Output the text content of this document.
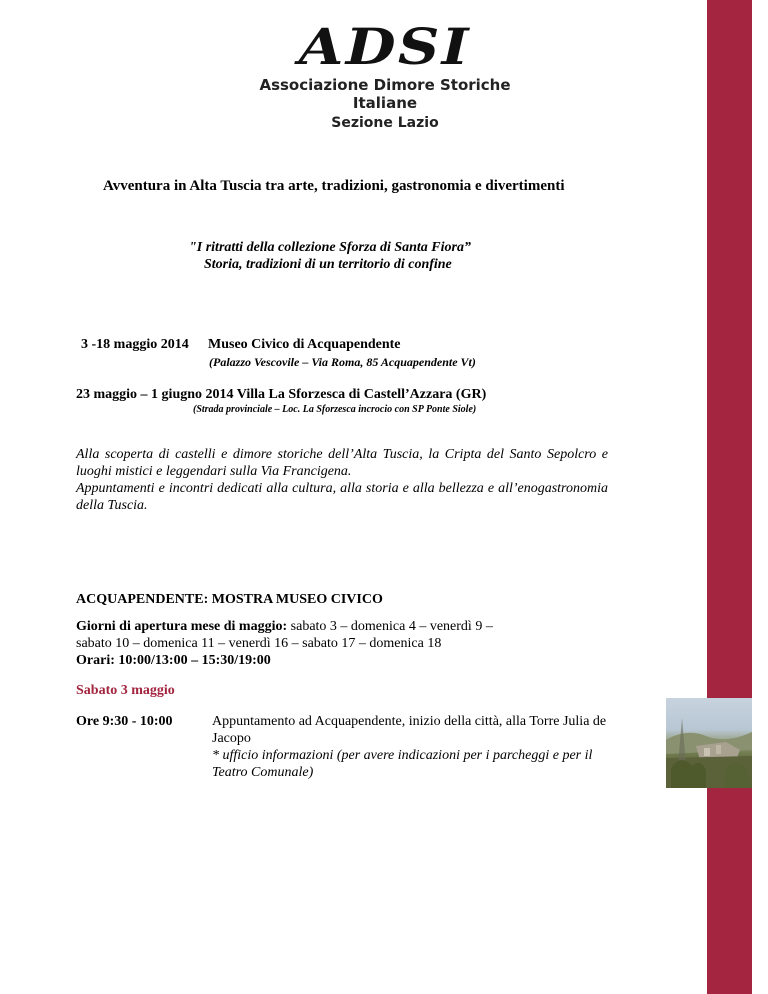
ADSI
Associazione Dimore Storiche Italiane
Sezione Lazio
Avventura in Alta Tuscia tra arte, tradizioni, gastronomia e divertimenti
"I ritratti della collezione Sforza di Santa Fiora”
Storia, tradizioni di un territorio di confine
3 -18 maggio 2014 Museo Civico di Acquapendente
(Palazzo Vescovile – Via Roma, 85 Acquapendente Vt)
23 maggio – 1 giugno 2014 Villa La Sforzesca di Castell’Azzara (GR)
(Strada provinciale – Loc. La Sforzesca incrocio con SP Ponte Siole)

Alla scoperta di castelli e dimore storiche dell’Alta Tuscia, la Cripta del Santo Sepolcro e luoghi mistici e leggendari sulla Via Francigena.

Appuntamenti e incontri dedicati alla cultura, alla storia e alla bellezza e all’enogastronomia della Tuscia.

ACQUAPENDENTE: MOSTRA MUSEO CIVICO
Giorni di apertura mese di maggio: sabato 3 – domenica 4 – venerdì 9 –
sabato 10 – domenica 11 – venerdì 16 – sabato 17 – domenica 18
Orari: 10:00/13:00 – 15:30/19:00
Sabato 3 maggio
Ore 9:30 - 10:00	Appuntamento ad Acquapendente, inizio della città, alla Torre Julia de
Jacopo
* ufficio informazioni (per avere indicazioni per i parcheggi e per il
Teatro Comunale)
